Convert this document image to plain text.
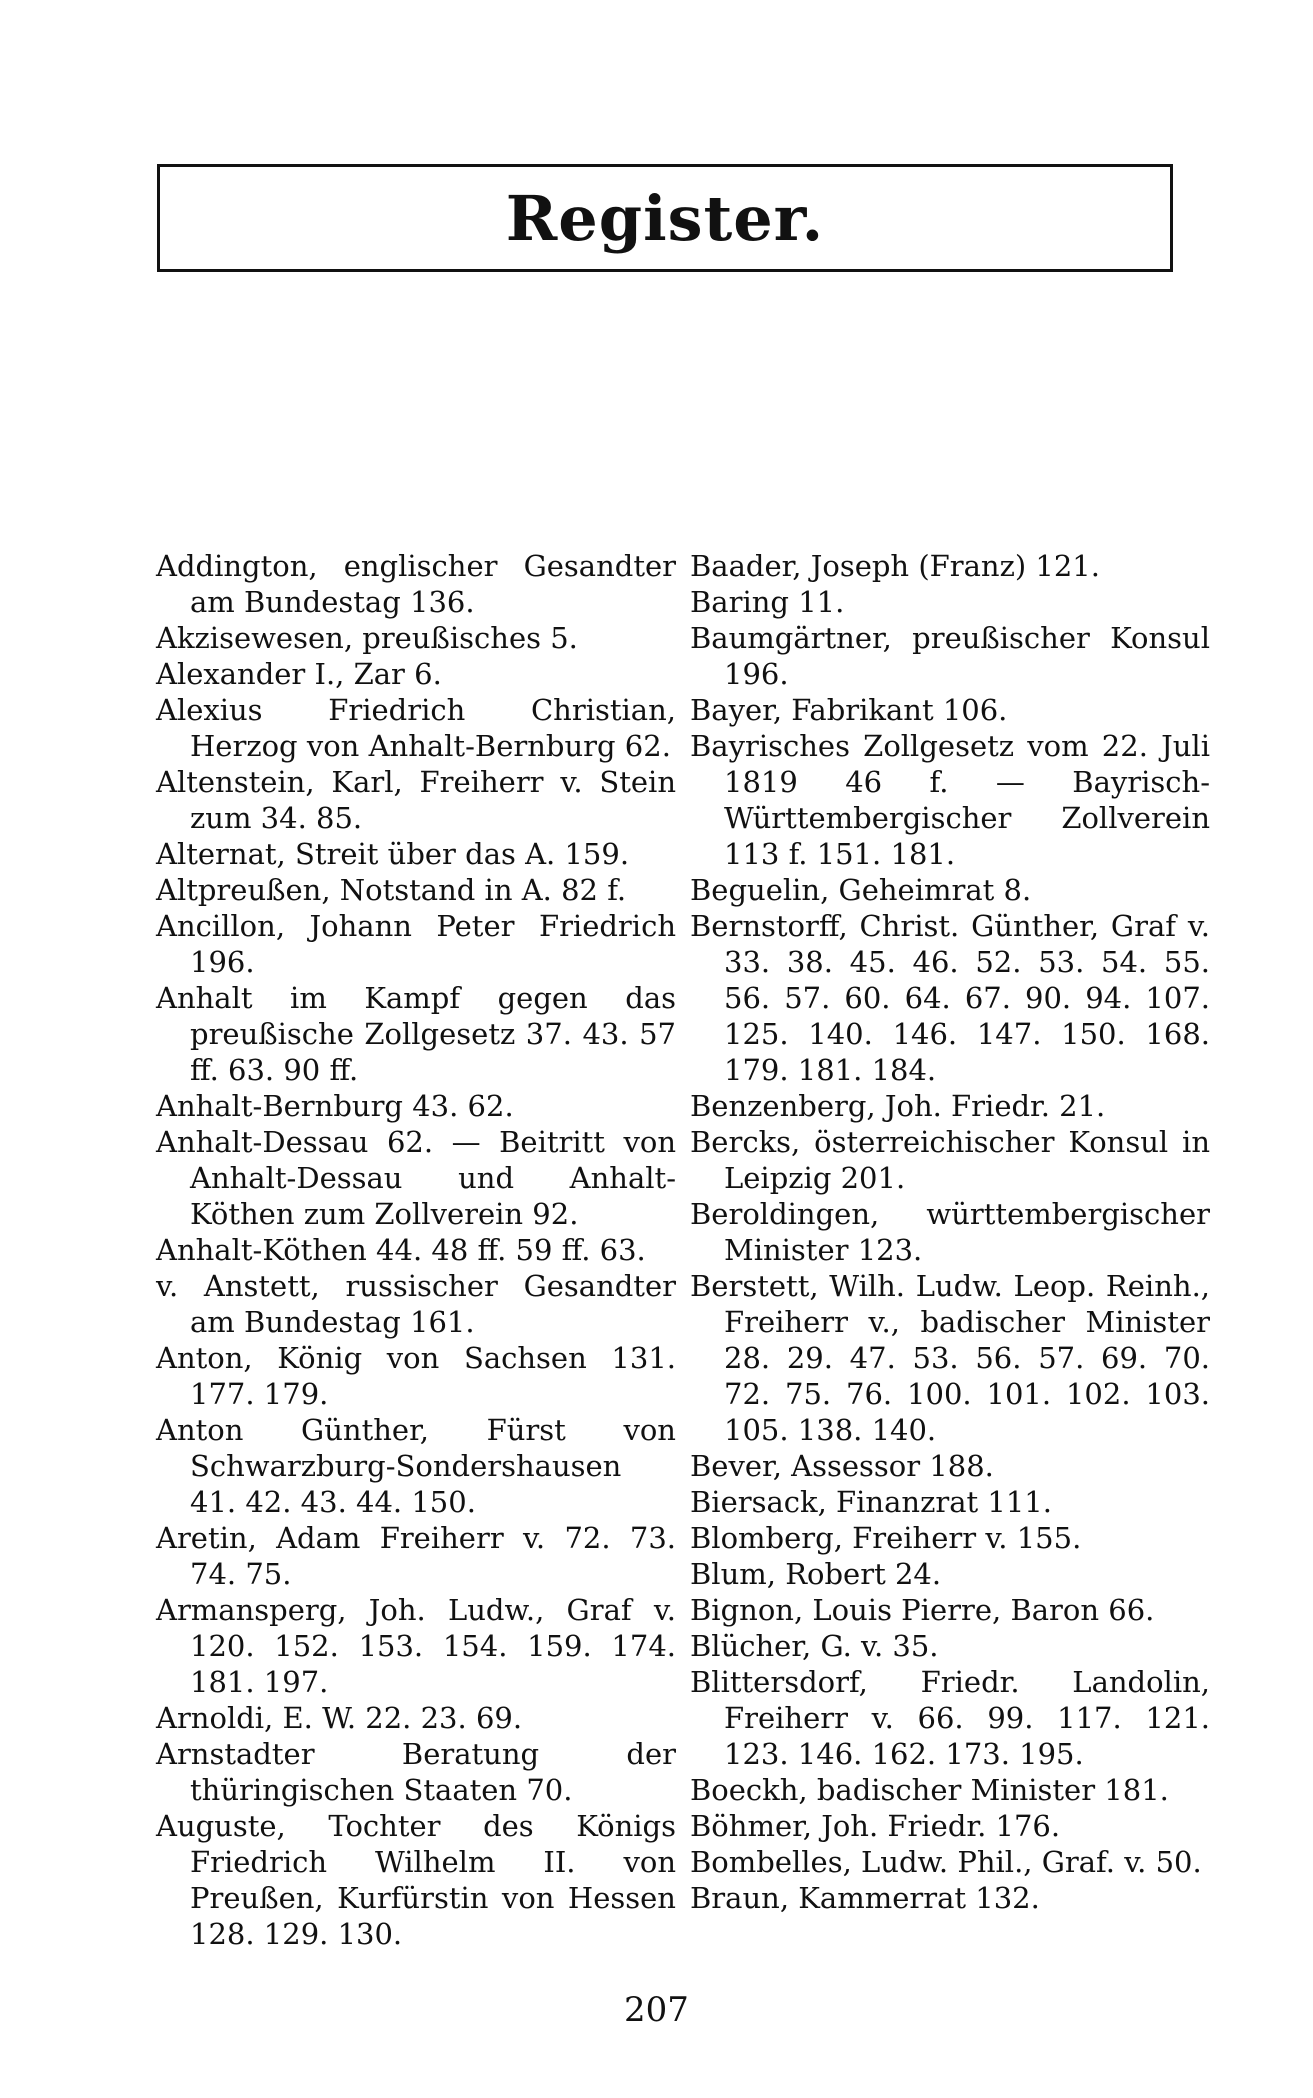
Register.
Addington, englischer Gesandter am Bundestag 136.
Akzisewesen, preußisches 5.
Alexander I., Zar 6.
Alexius Friedrich Christian, Herzog von Anhalt-Bernburg 62.
Altenstein, Karl, Freiherr v. Stein zum 34. 85.
Alternat, Streit über das A. 159.
Altpreußen, Notstand in A. 82 f.
Ancillon, Johann Peter Friedrich 196.
Anhalt im Kampf gegen das preußische Zollgesetz 37. 43. 57 ff. 63. 90 ff.
Anhalt-Bernburg 43. 62.
Anhalt-Dessau 62. — Beitritt von Anhalt-Dessau und Anhalt-Köthen zum Zollverein 92.
Anhalt-Köthen 44. 48 ff. 59 ff. 63.
v. Anstett, russischer Gesandter am Bundestag 161.
Anton, König von Sachsen 131. 177. 179.
Anton Günther, Fürst von Schwarzburg-Sondershausen 41. 42. 43. 44. 150.
Aretin, Adam Freiherr v. 72. 73. 74. 75.
Armansperg, Joh. Ludw., Graf v. 120. 152. 153. 154. 159. 174. 181. 197.
Arnoldi, E. W. 22. 23. 69.
Arnstadter Beratung der thüringischen Staaten 70.
Auguste, Tochter des Königs Friedrich Wilhelm II. von Preußen, Kurfürstin von Hessen 128. 129. 130.
Baader, Joseph (Franz) 121.
Baring 11.
Baumgärtner, preußischer Konsul 196.
Bayer, Fabrikant 106.
Bayrisches Zollgesetz vom 22. Juli 1819 46 f. — Bayrisch-Württembergischer Zollverein 113 f. 151. 181.
Beguelin, Geheimrat 8.
Bernstorff, Christ. Günther, Graf v. 33. 38. 45. 46. 52. 53. 54. 55. 56. 57. 60. 64. 67. 90. 94. 107. 125. 140. 146. 147. 150. 168. 179. 181. 184.
Benzenberg, Joh. Friedr. 21.
Bercks, österreichischer Konsul in Leipzig 201.
Beroldingen, württembergischer Minister 123.
Berstett, Wilh. Ludw. Leop. Reinh., Freiherr v., badischer Minister 28. 29. 47. 53. 56. 57. 69. 70. 72. 75. 76. 100. 101. 102. 103. 105. 138. 140.
Bever, Assessor 188.
Biersack, Finanzrat 111.
Blomberg, Freiherr v. 155.
Blum, Robert 24.
Bignon, Louis Pierre, Baron 66.
Blücher, G. v. 35.
Blittersdorf, Friedr. Landolin, Freiherr v. 66. 99. 117. 121. 123. 146. 162. 173. 195.
Boeckh, badischer Minister 181.
Böhmer, Joh. Friedr. 176.
Bombelles, Ludw. Phil., Graf. v. 50.
Braun, Kammerrat 132.
207
